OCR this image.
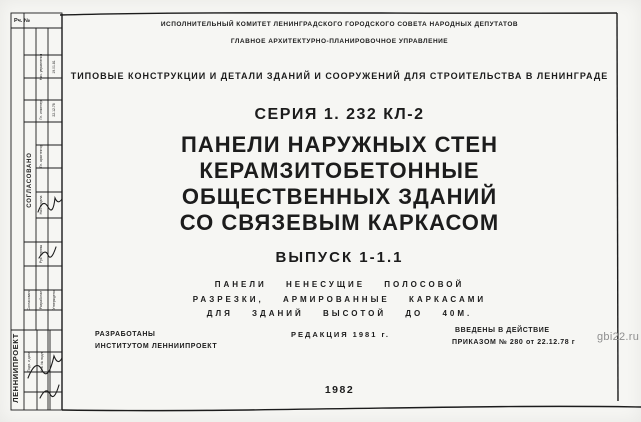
Рч. №
СОГЛАСОВАНО
ЛЕННИИПРОЕКТ
Нач. управления
Гл. инженер
Гл. архитектор
Нач. отдела
Рук. группы
Разработал
Согласовано
19.01.81
22.12.78
Утверждено
Подп. и дата	Инв. № подл.
ИСПОЛНИТЕЛЬНЫЙ КОМИТЕТ ЛЕНИНГРАДСКОГО ГОРОДСКОГО СОВЕТА НАРОДНЫХ ДЕПУТАТОВ
ГЛАВНОЕ АРХИТЕКТУРНО-ПЛАНИРОВОЧНОЕ УПРАВЛЕНИЕ
ТИПОВЫЕ КОНСТРУКЦИИ И ДЕТАЛИ ЗДАНИЙ И СООРУЖЕНИЙ ДЛЯ СТРОИТЕЛЬСТВА В ЛЕНИНГРАДЕ
СЕРИЯ 1. 232 КЛ-2
ПАНЕЛИ НАРУЖНЫХ СТЕН
КЕРАМЗИТОБЕТОННЫЕ
ОБЩЕСТВЕННЫХ ЗДАНИЙ
СО СВЯЗЕВЫМ КАРКАСОМ
ВЫПУСК 1-1.1
ПАНЕЛИ НЕНЕСУЩИЕ ПОЛОСОВОЙ
РАЗРЕЗКИ, АРМИРОВАННЫЕ КАРКАСАМИ
ДЛЯ ЗДАНИЙ ВЫСОТОЙ ДО 40М.
РАЗРАБОТАНЫ
ИНСТИТУТОМ ЛЕННИИПРОЕКТ
РЕДАКЦИЯ 1981 г.	ВВЕДЕНЫ В ДЕЙСТВИЕ
ПРИКАЗОМ № 280 от 22.12.78 г
1982
gbi22.ru
